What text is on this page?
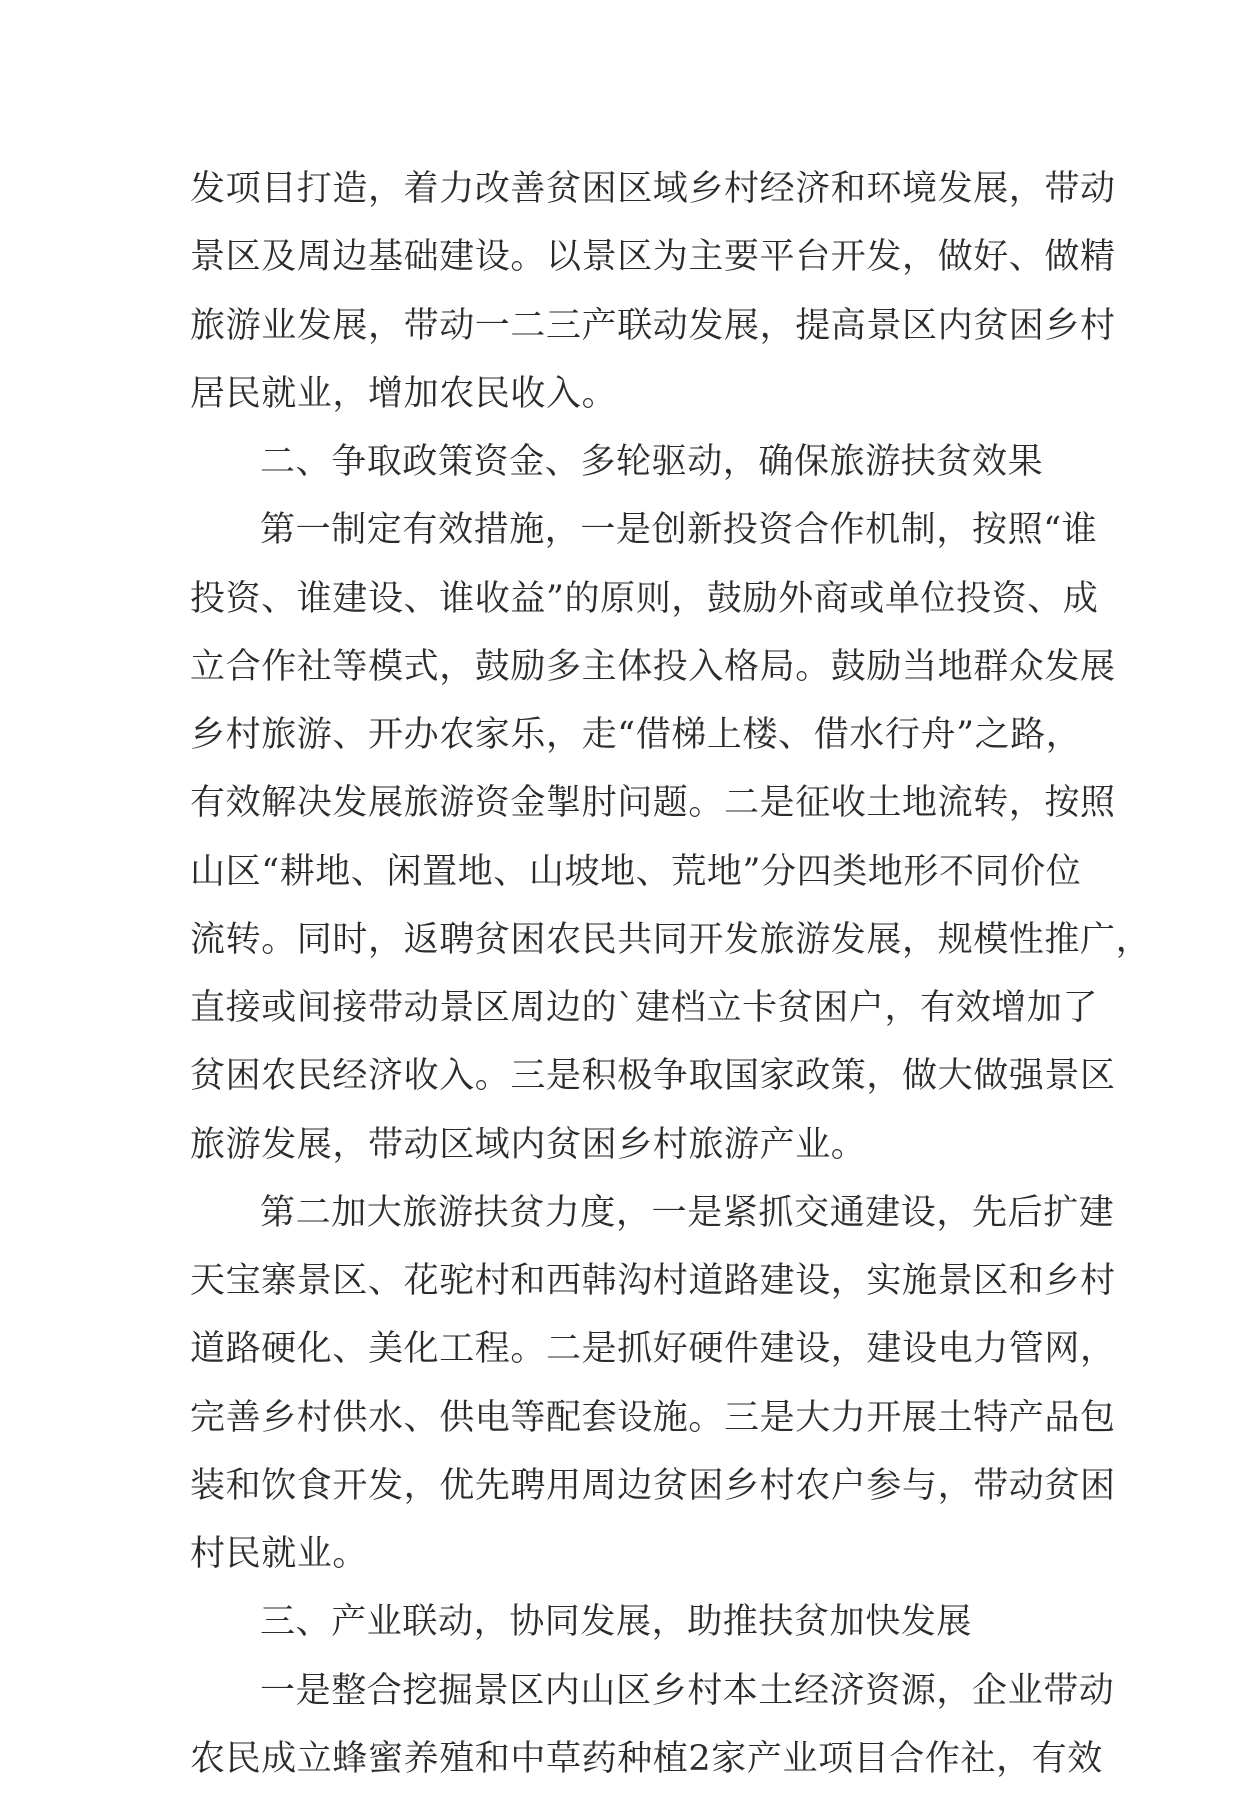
发项目打造，着力改善贫困区域乡村经济和环境发展，带动
景区及周边基础建设。以景区为主要平台开发，做好、做精
旅游业发展，带动一二三产联动发展，提高景区内贫困乡村
居民就业，增加农民收入。
二、争取政策资金、多轮驱动，确保旅游扶贫效果
第一制定有效措施，一是创新投资合作机制，按照“谁
投资、谁建设、谁收益”的原则，鼓励外商或单位投资、成
立合作社等模式，鼓励多主体投入格局。鼓励当地群众发展
乡村旅游、开办农家乐，走“借梯上楼、借水行舟”之路，
有效解决发展旅游资金掣肘问题。二是征收土地流转，按照
山区“耕地、闲置地、山坡地、荒地”分四类地形不同价位
流转。同时，返聘贫困农民共同开发旅游发展，规模性推广，
直接或间接带动景区周边的`建档立卡贫困户，有效增加了
贫困农民经济收入。三是积极争取国家政策，做大做强景区
旅游发展，带动区域内贫困乡村旅游产业。
第二加大旅游扶贫力度，一是紧抓交通建设，先后扩建
天宝寨景区、花驼村和西韩沟村道路建设，实施景区和乡村
道路硬化、美化工程。二是抓好硬件建设，建设电力管网，
完善乡村供水、供电等配套设施。三是大力开展土特产品包
装和饮食开发，优先聘用周边贫困乡村农户参与，带动贫困
村民就业。
三、产业联动，协同发展，助推扶贫加快发展
一是整合挖掘景区内山区乡村本土经济资源，企业带动
农民成立蜂蜜养殖和中草药种植2家产业项目合作社，有效
